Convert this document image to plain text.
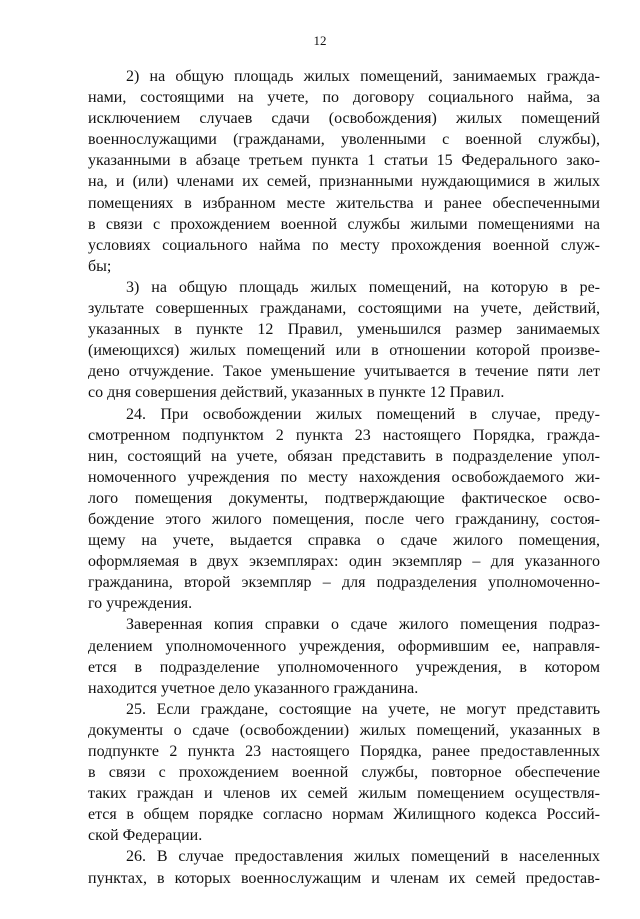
12
2) на общую площадь жилых помещений, занимаемых гражда-
нами, состоящими на учете, по договору социального найма, за
исключением случаев сдачи (освобождения) жилых помещений
военнослужащими (гражданами, уволенными с военной службы),
указанными в абзаце третьем пункта 1 статьи 15 Федерального зако-
на, и (или) членами их семей, признанными нуждающимися в жилых
помещениях в избранном месте жительства и ранее обеспеченными
в связи с прохождением военной службы жилыми помещениями на
условиях социального найма по месту прохождения военной служ-
бы;
3) на общую площадь жилых помещений, на которую в ре-
зультате совершенных гражданами, состоящими на учете, действий,
указанных в пункте 12 Правил, уменьшился размер занимаемых
(имеющихся) жилых помещений или в отношении которой произве-
дено отчуждение. Такое уменьшение учитывается в течение пяти лет
со дня совершения действий, указанных в пункте 12 Правил.
24. При освобождении жилых помещений в случае, преду-
смотренном подпунктом 2 пункта 23 настоящего Порядка, гражда-
нин, состоящий на учете, обязан представить в подразделение упол-
номоченного учреждения по месту нахождения освобождаемого жи-
лого помещения документы, подтверждающие фактическое осво-
бождение этого жилого помещения, после чего гражданину, состоя-
щему на учете, выдается справка о сдаче жилого помещения,
оформляемая в двух экземплярах: один экземпляр – для указанного
гражданина, второй экземпляр – для подразделения уполномоченно-
го учреждения.
Заверенная копия справки о сдаче жилого помещения подраз-
делением уполномоченного учреждения, оформившим ее, направля-
ется в подразделение уполномоченного учреждения, в котором
находится учетное дело указанного гражданина.
25. Если граждане, состоящие на учете, не могут представить
документы о сдаче (освобождении) жилых помещений, указанных в
подпункте 2 пункта 23 настоящего Порядка, ранее предоставленных
в связи с прохождением военной службы, повторное обеспечение
таких граждан и членов их семей жилым помещением осуществля-
ется в общем порядке согласно нормам Жилищного кодекса Россий-
ской Федерации.
26. В случае предоставления жилых помещений в населенных
пунктах, в которых военнослужащим и членам их семей предостав-
